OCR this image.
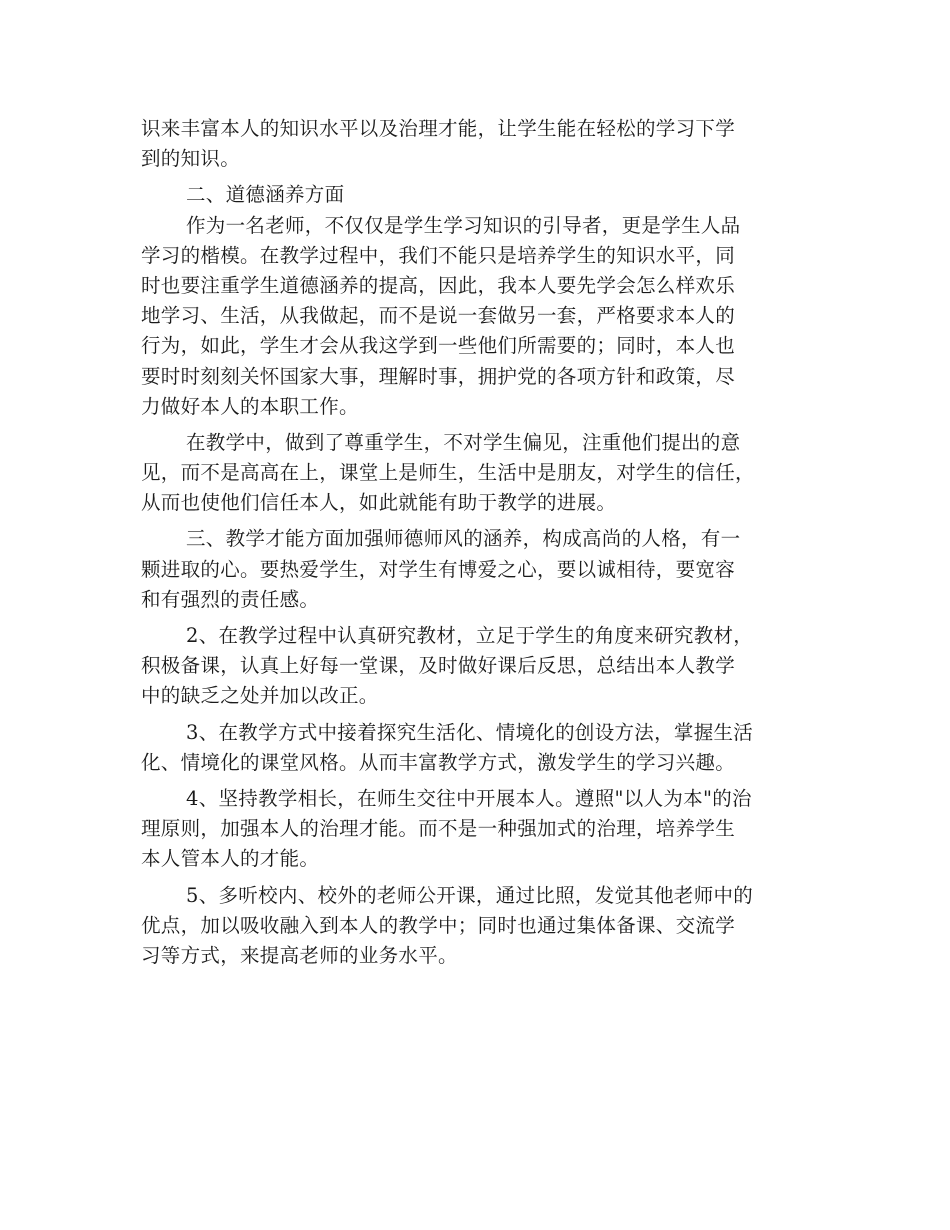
识来丰富本人的知识水平以及治理才能，让学生能在轻松的学习下学
到的知识。
二、道德涵养方面
作为一名老师，不仅仅是学生学习知识的引导者，更是学生人品
学习的楷模。在教学过程中，我们不能只是培养学生的知识水平，同
时也要注重学生道德涵养的提高，因此，我本人要先学会怎么样欢乐
地学习、生活，从我做起，而不是说一套做另一套，严格要求本人的
行为，如此，学生才会从我这学到一些他们所需要的；同时，本人也
要时时刻刻关怀国家大事，理解时事，拥护党的各项方针和政策，尽
力做好本人的本职工作。
在教学中，做到了尊重学生，不对学生偏见，注重他们提出的意
见，而不是高高在上，课堂上是师生，生活中是朋友，对学生的信任，
从而也使他们信任本人，如此就能有助于教学的进展。
三、教学才能方面加强师德师风的涵养，构成高尚的人格，有一
颗进取的心。要热爱学生，对学生有博爱之心，要以诚相待，要宽容
和有强烈的责任感。
2、在教学过程中认真研究教材，立足于学生的角度来研究教材，
积极备课，认真上好每一堂课，及时做好课后反思，总结出本人教学
中的缺乏之处并加以改正。
3、在教学方式中接着探究生活化、情境化的创设方法，掌握生活
化、情境化的课堂风格。从而丰富教学方式，激发学生的学习兴趣。
4、坚持教学相长，在师生交往中开展本人。遵照"以人为本"的治
理原则，加强本人的治理才能。而不是一种强加式的治理，培养学生
本人管本人的才能。
5、多听校内、校外的老师公开课，通过比照，发觉其他老师中的
优点，加以吸收融入到本人的教学中；同时也通过集体备课、交流学
习等方式，来提高老师的业务水平。
